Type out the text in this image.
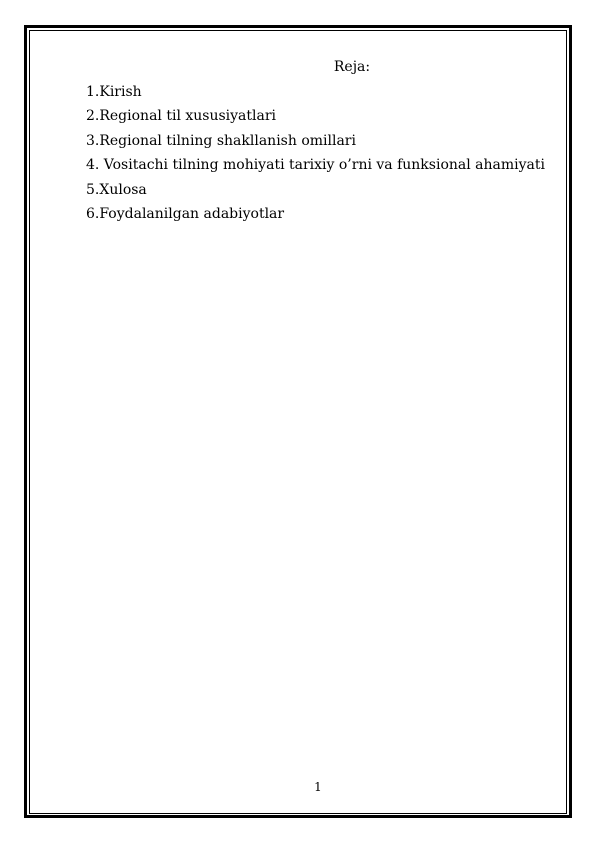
Reja:
1.Kirish
2.Regional til xususiyatlari
3.Regional tilning shakllanish omillari
4. Vositachi tilning mohiyati tarixiy o’rni va funksional ahamiyati
5.Xulosa
6.Foydalanilgan adabiyotlar
1
